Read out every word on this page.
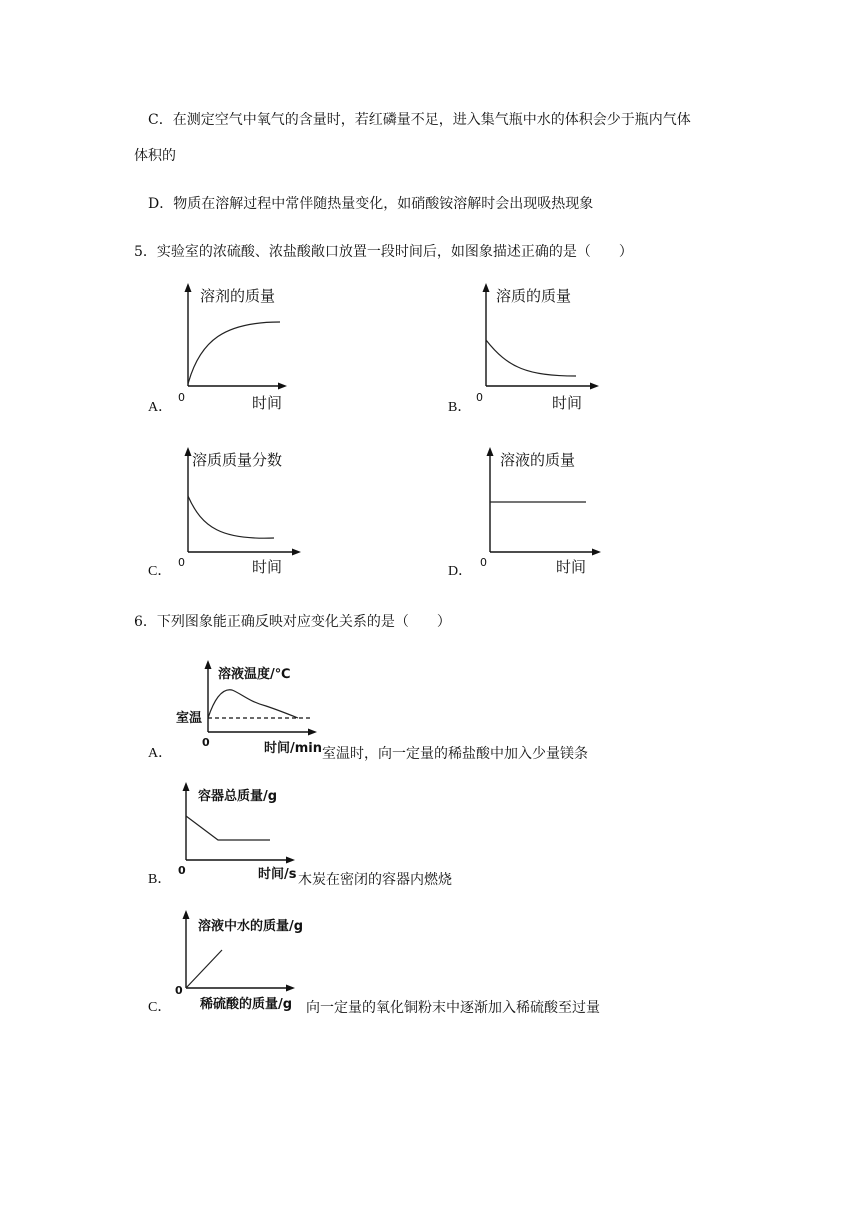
C．在测定空气中氧气的含量时，若红磷量不足，进入集气瓶中水的体积会少于瓶内气体
体积的
D．物质在溶解过程中常伴随热量变化，如硝酸铵溶解时会出现吸热现象
5．实验室的浓硫酸、浓盐酸敞口放置一段时间后，如图象描述正确的是（　　）
A．
溶剂的质量
时间
0
B．
溶质的质量
时间
0
C．
溶质质量分数
时间
0
D．
溶液的质量
时间
0
6．下列图象能正确反映对应变化关系的是（　　）
A．
溶液温度/℃
时间/min
室温
0
室温时，向一定量的稀盐酸中加入少量镁条
B．
容器总质量/g
时间/s
0
木炭在密闭的容器内燃烧
C．
溶液中水的质量/g
稀硫酸的质量/g
0
向一定量的氧化铜粉末中逐渐加入稀硫酸至过量
